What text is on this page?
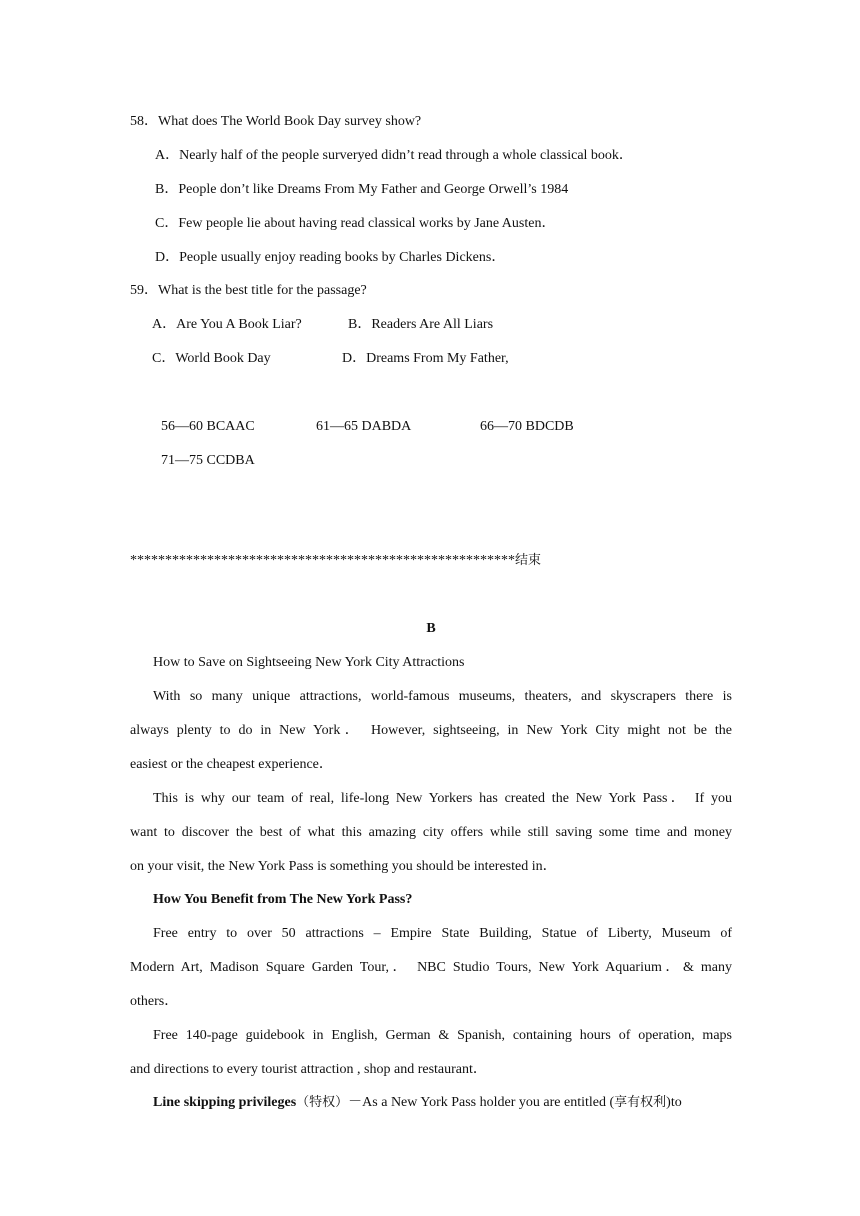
58．What does The World Book Day survey show?
A．Nearly half of the people surveryed didn’t read through a whole classical book．
B．People don’t like Dreams From My Father and George Orwell’s 1984
C．Few people lie about having read classical works by Jane Austen．
D．People usually enjoy reading books by Charles Dickens．
59．What is the best title for the passage?
A．Are You A Book Liar?	B．Readers Are All Liars
C．World Book Day	D．Dreams From My Father,
56—60 BCAAC	61—65 DABDA	66—70 BDCDB
71—75 CCDBA
*******************************************************结束
B
How to Save on Sightseeing New York City Attractions
With so many unique attractions, world-famous museums, theaters, and skyscrapers there is
always plenty to do in New York． However, sightseeing, in New York City might not be the
easiest or the cheapest experience．
This is why our team of real, life-long New Yorkers has created the New York Pass． If you
want to discover the best of what this amazing city offers while still saving some time and money
on your visit, the New York Pass is something you should be interested in．
How You Benefit from The New York Pass?
Free entry to over 50 attractions – Empire State Building, Statue of Liberty, Museum of
Modern Art, Madison Square Garden Tour,． NBC Studio Tours, New York Aquarium．& many
others．
Free 140-page guidebook in English, German & Spanish, containing hours of operation, maps
and directions to every tourist attraction , shop and restaurant．
Line skipping privileges（特权）－As a New York Pass holder you are entitled (享有权利)to
